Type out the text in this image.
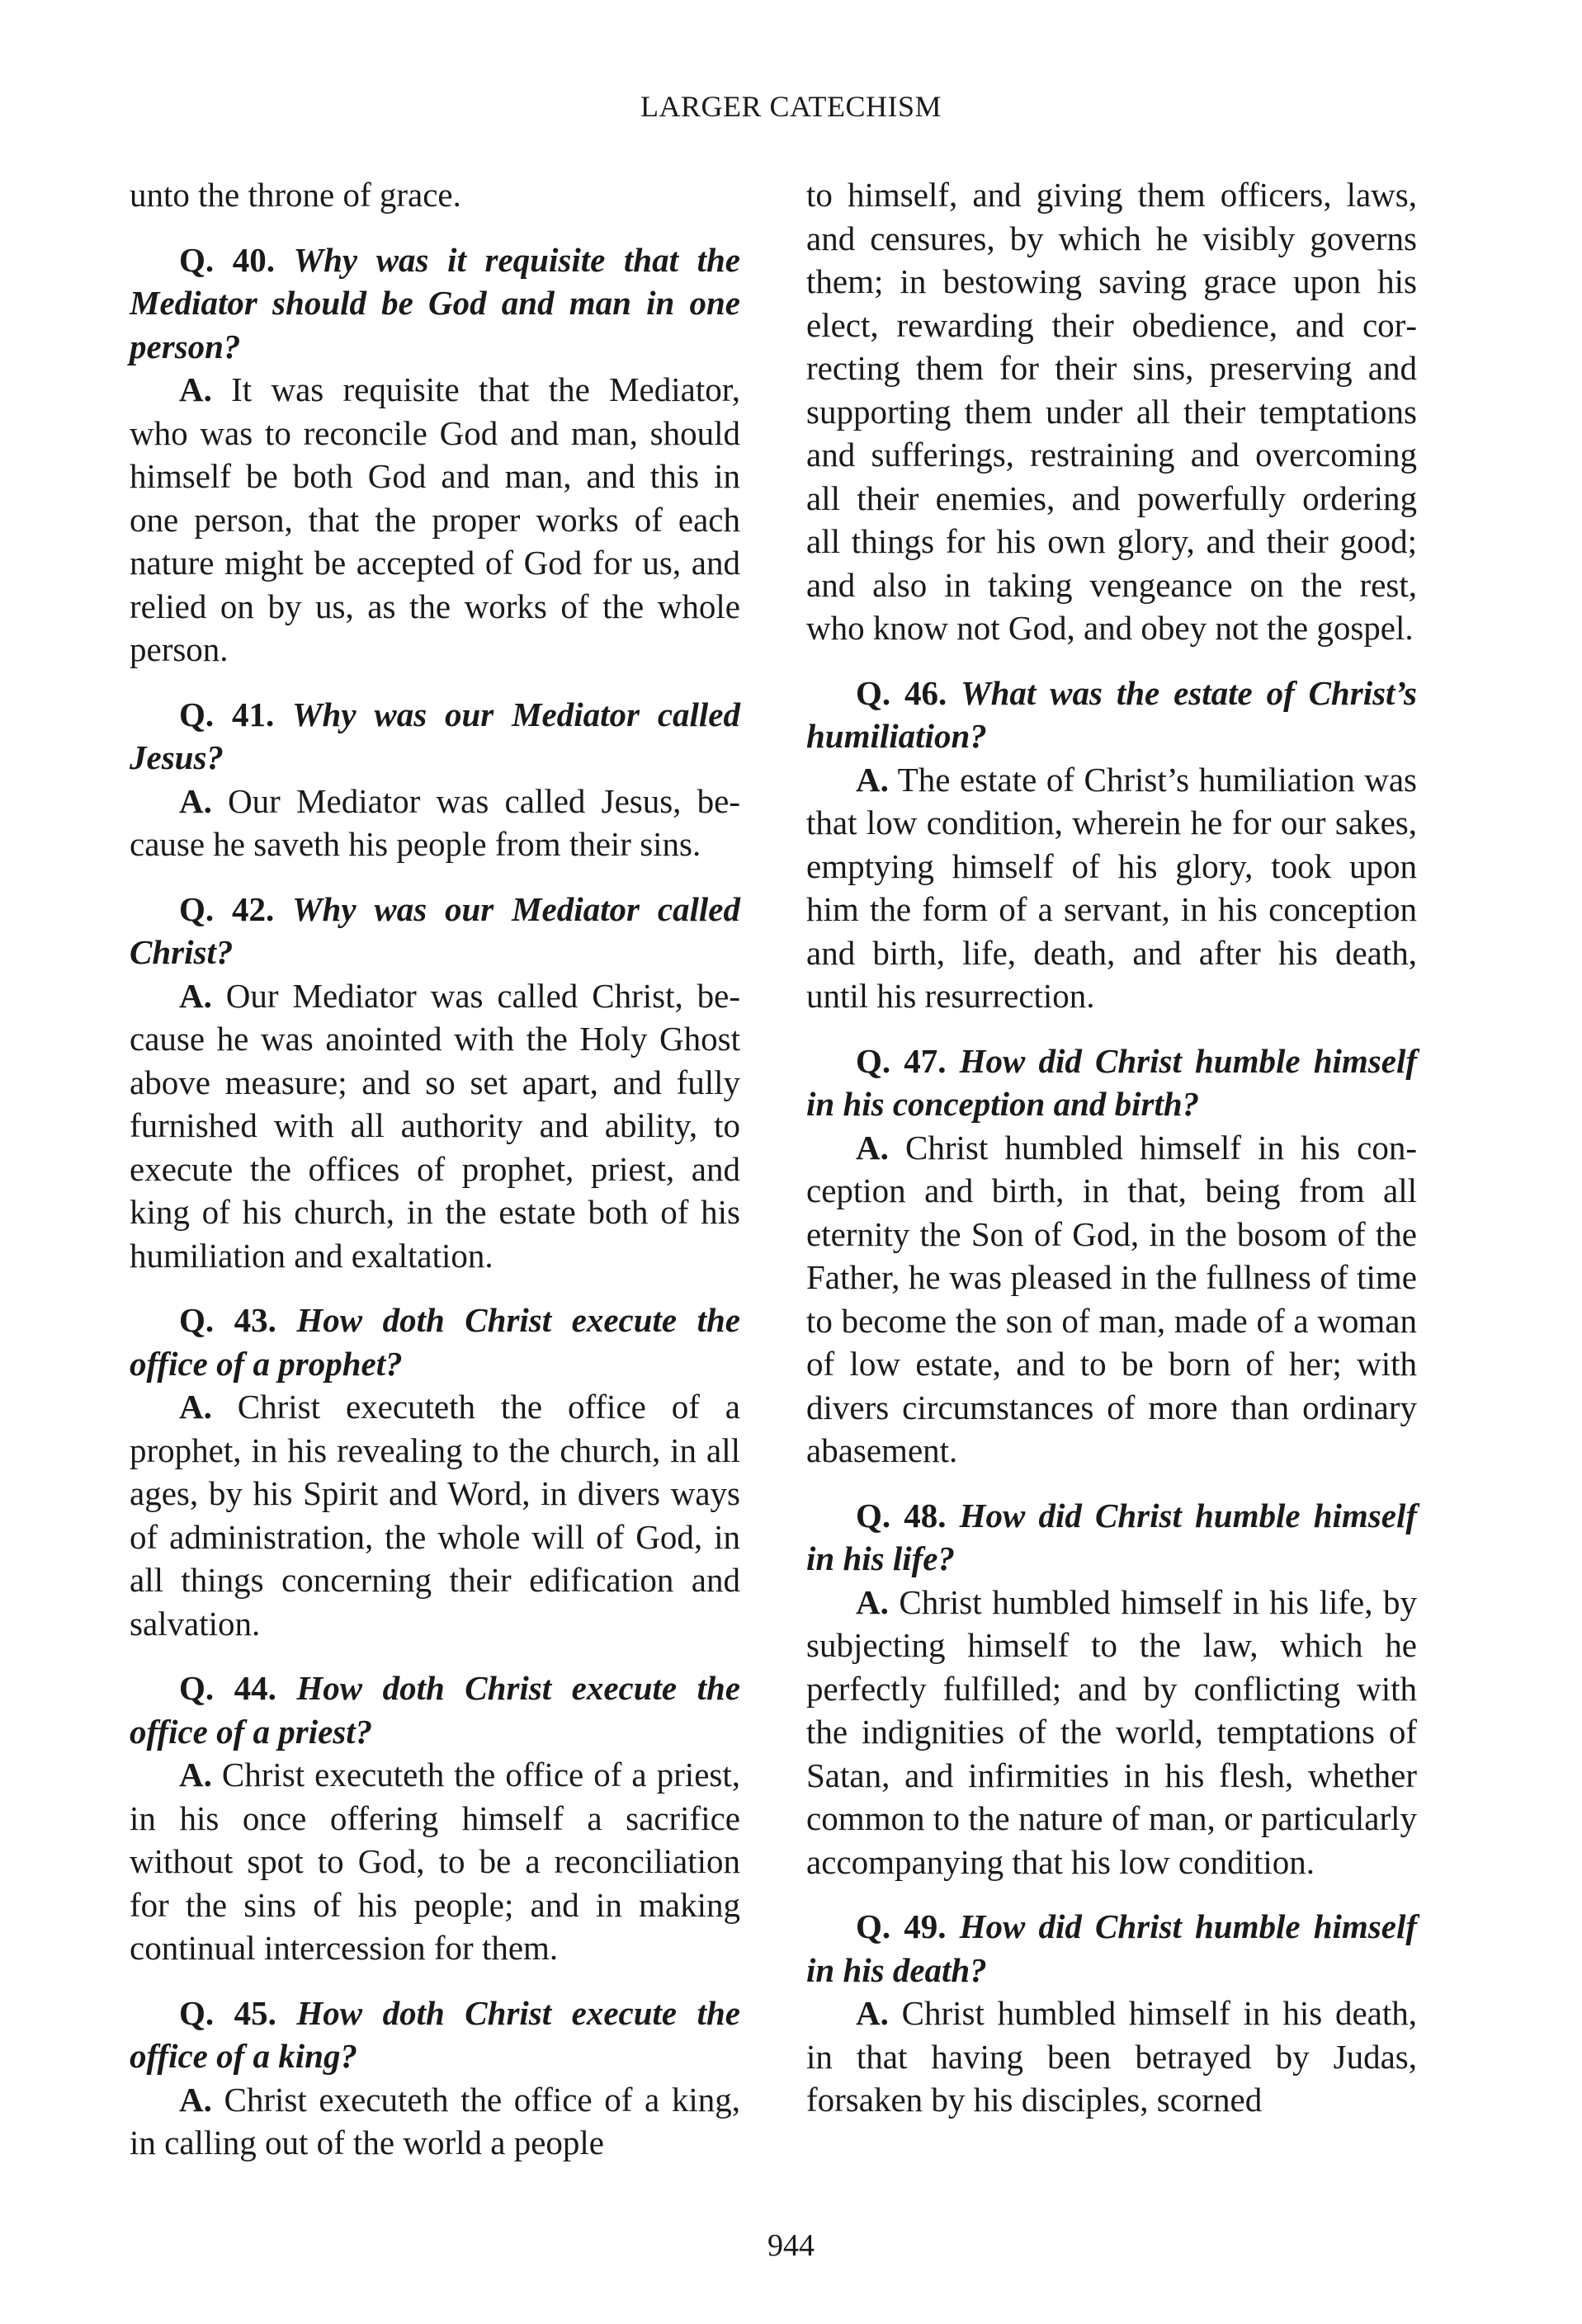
LARGER CATECHISM

unto the throne of grace.

Q. 40. Why was it requisite that the Mediator should be God and man in one person?

A. It was requisite that the Mediator, who was to reconcile God and man, should himself be both God and man, and this in one person, that the proper works of each nature might be accepted of God for us, and relied on by us, as the works of the whole person.

Q. 41. Why was our Mediator called Jesus?

A. Our Mediator was called Jesus, because he saveth his people from their sins.

Q. 42. Why was our Mediator called Christ?

A. Our Mediator was called Christ, because he was anointed with the Holy Ghost above measure; and so set apart, and fully furnished with all authority and ability, to execute the offices of prophet, priest, and king of his church, in the estate both of his humiliation and exaltation.

Q. 43. How doth Christ execute the office of a prophet?

A. Christ executeth the office of a prophet, in his revealing to the church, in all ages, by his Spirit and Word, in divers ways of administration, the whole will of God, in all things concerning their edification and salvation.

Q. 44. How doth Christ execute the office of a priest?

A. Christ executeth the office of a priest, in his once offering himself a sacrifice without spot to God, to be a reconciliation for the sins of his people; and in making continual intercession for them.

Q. 45. How doth Christ execute the office of a king?

A. Christ executeth the office of a king, in calling out of the world a people

to himself, and giving them officers, laws, and censures, by which he visibly governs them; in bestowing saving grace upon his elect, rewarding their obedience, and correcting them for their sins, preserving and supporting them under all their temptations and sufferings, restraining and overcoming all their enemies, and powerfully ordering all things for his own glory, and their good; and also in taking vengeance on the rest, who know not God, and obey not the gospel.

Q. 46. What was the estate of Christ’s humiliation?

A. The estate of Christ’s humiliation was that low condition, wherein he for our sakes, emptying himself of his glory, took upon him the form of a servant, in his conception and birth, life, death, and after his death, until his resurrection.

Q. 47. How did Christ humble himself in his conception and birth?

A. Christ humbled himself in his conception and birth, in that, being from all eternity the Son of God, in the bosom of the Father, he was pleased in the fullness of time to become the son of man, made of a woman of low estate, and to be born of her; with divers circumstances of more than ordinary abasement.

Q. 48. How did Christ humble himself in his life?

A. Christ humbled himself in his life, by subjecting himself to the law, which he perfectly fulfilled; and by conflicting with the indignities of the world, temptations of Satan, and infirmities in his flesh, whether common to the nature of man, or particularly accompanying that his low condition.

Q. 49. How did Christ humble himself in his death?

A. Christ humbled himself in his death, in that having been betrayed by Judas, forsaken by his disciples, scorned

944
